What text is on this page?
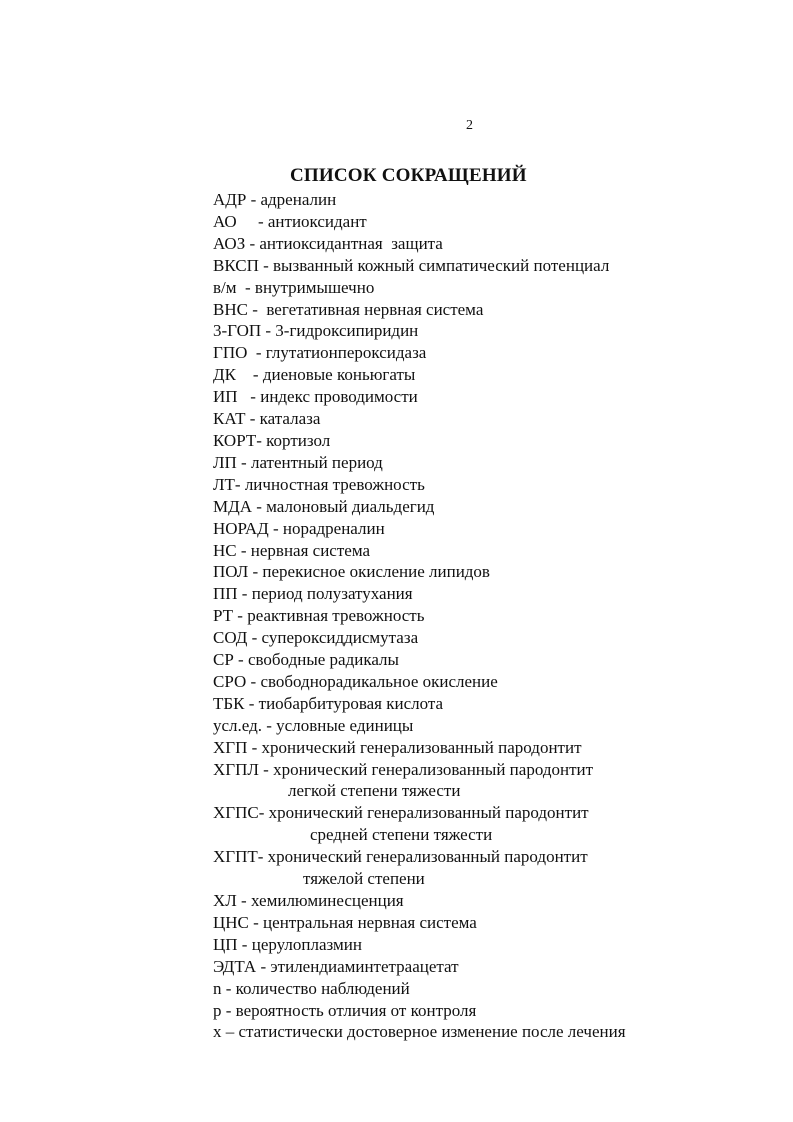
2
СПИСОК СОКРАЩЕНИЙ
АДР - адреналин
АО     - антиоксидант
АОЗ - антиоксидантная  защита
ВКСП - вызванный кожный симпатический потенциал
в/м  - внутримышечно
ВНС -  вегетативная нервная система
3-ГОП - 3-гидроксипиридин
ГПО  - глутатионпероксидаза
ДК    - диеновые коньюгаты
ИП   - индекс проводимости
КАТ - каталаза
КОРТ- кортизол
ЛП - латентный период
ЛТ- личностная тревожность
МДА - малоновый диальдегид
НОРАД - норадреналин
НС - нервная система
ПОЛ - перекисное окисление липидов
ПП - период полузатухания
РТ - реактивная тревожность
СОД - супероксиддисмутаза
СР - свободные радикалы
СРО - свободнорадикальное окисление
ТБК - тиобарбитуровая кислота
усл.ед. - условные единицы
ХГП - хронический генерализованный пародонтит
ХГПЛ - хронический генерализованный пародонтит
легкой степени тяжести
ХГПС- хронический генерализованный пародонтит
средней степени тяжести
ХГПТ- хронический генерализованный пародонтит
тяжелой степени
ХЛ - хемилюминесценция
ЦНС - центральная нервная система
ЦП - церулоплазмин
ЭДТА - этилендиаминтетраацетат
n - количество наблюдений
p - вероятность отличия от контроля
x – статистически достоверное изменение после лечения
